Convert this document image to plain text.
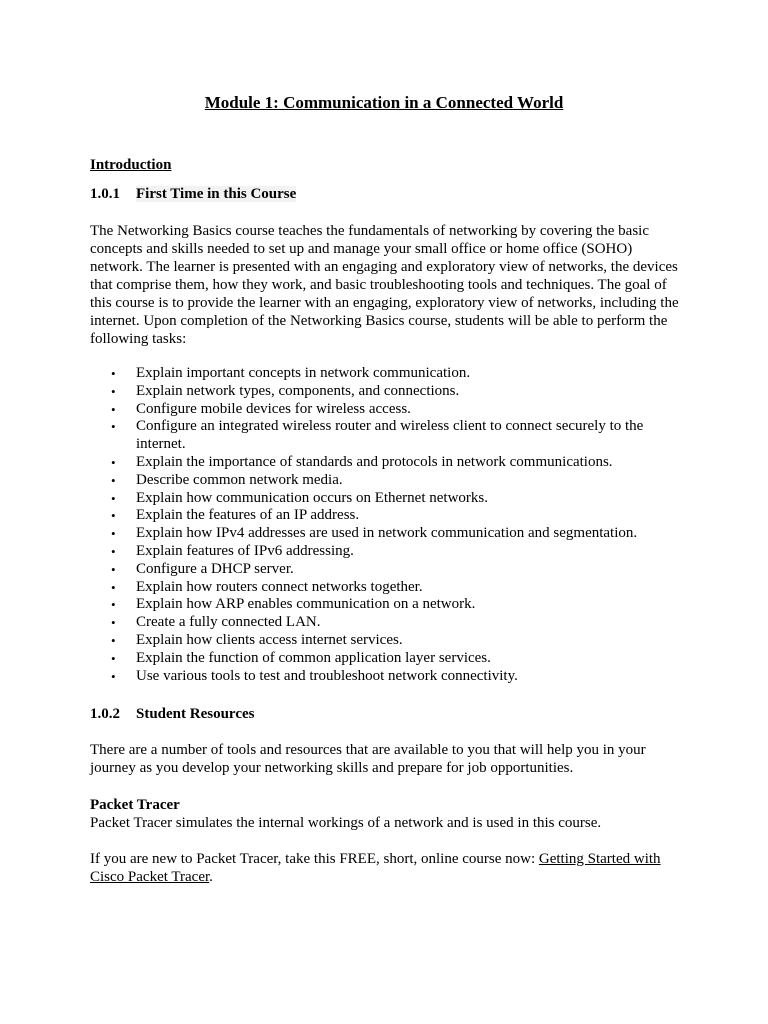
Module 1: Communication in a Connected World
Introduction
1.0.1 First Time in this Course

The Networking Basics course teaches the fundamentals of networking by covering the basic concepts and skills needed to set up and manage your small office or home office (SOHO) network. The learner is presented with an engaging and exploratory view of networks, the devices that comprise them, how they work, and basic troubleshooting tools and techniques. The goal of this course is to provide the learner with an engaging, exploratory view of networks, including the internet. Upon completion of the Networking Basics course, students will be able to perform the following tasks:

• Explain important concepts in network communication.
• Explain network types, components, and connections.
• Configure mobile devices for wireless access.
• Configure an integrated wireless router and wireless client to connect securely to the internet.
• Explain the importance of standards and protocols in network communications.
• Describe common network media.
• Explain how communication occurs on Ethernet networks.
• Explain the features of an IP address.
• Explain how IPv4 addresses are used in network communication and segmentation.
• Explain features of IPv6 addressing.
• Configure a DHCP server.
• Explain how routers connect networks together.
• Explain how ARP enables communication on a network.
• Create a fully connected LAN.
• Explain how clients access internet services.
• Explain the function of common application layer services.
• Use various tools to test and troubleshoot network connectivity.
1.0.2 Student Resources

There are a number of tools and resources that are available to you that will help you in your journey as you develop your networking skills and prepare for job opportunities.

Packet Tracer
Packet Tracer simulates the internal workings of a network and is used in this course.
If you are new to Packet Tracer, take this FREE, short, online course now: Getting Started with Cisco Packet Tracer.
